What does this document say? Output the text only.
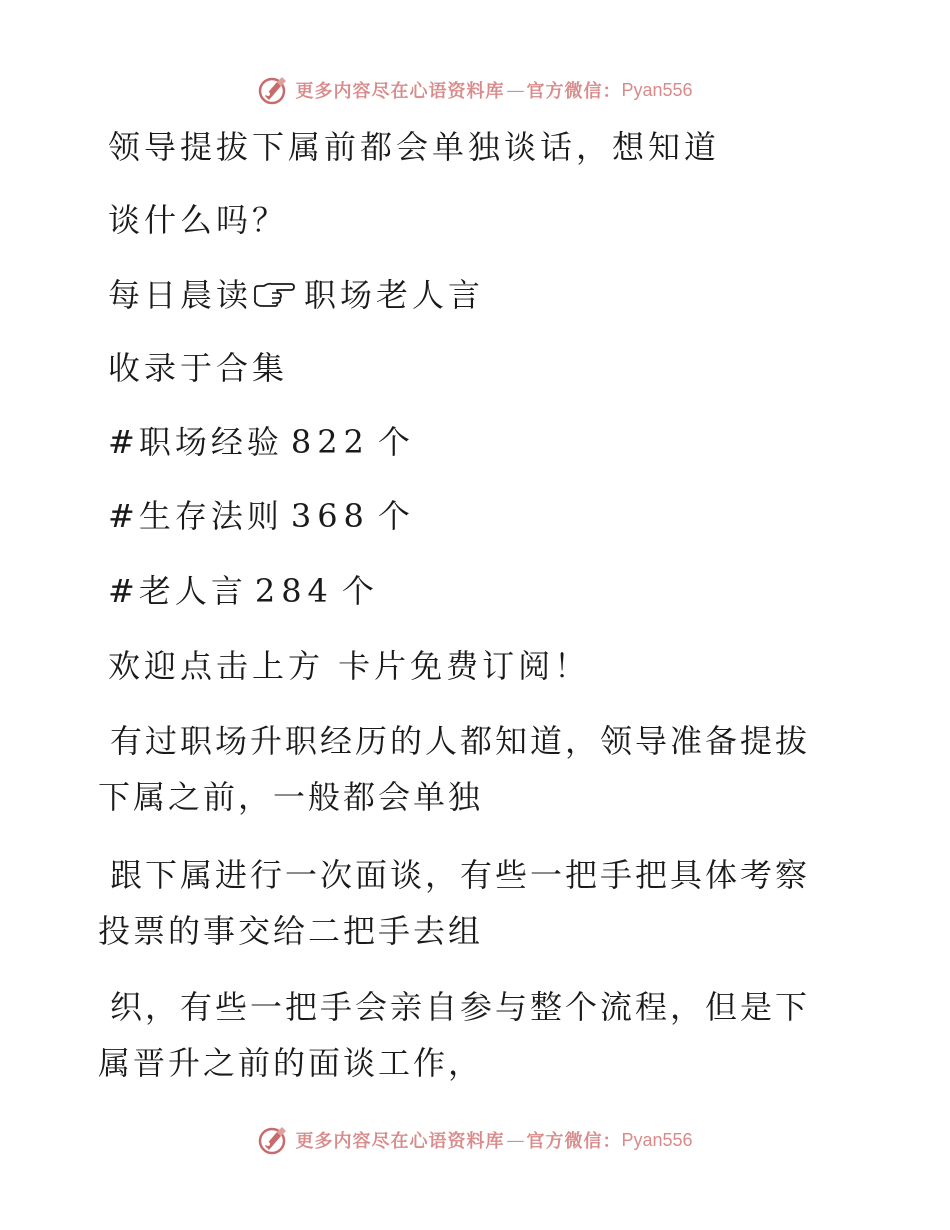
更多内容尽在心语资料库 — 官方微信： Pyan556
领导提拔下属前都会单独谈话，想知道
谈什么吗？
每日晨读 职场老人言
收录于合集
#职场经验 822 个
#生存法则 368 个
#老人言 284 个
欢迎点击上方 卡片免费订阅！
有过职场升职经历的人都知道，领导准备提拔下属之前，一般都会单独
跟下属进行一次面谈，有些一把手把具体考察投票的事交给二把手去组
织，有些一把手会亲自参与整个流程，但是下属晋升之前的面谈工作，
更多内容尽在心语资料库 — 官方微信： Pyan556
